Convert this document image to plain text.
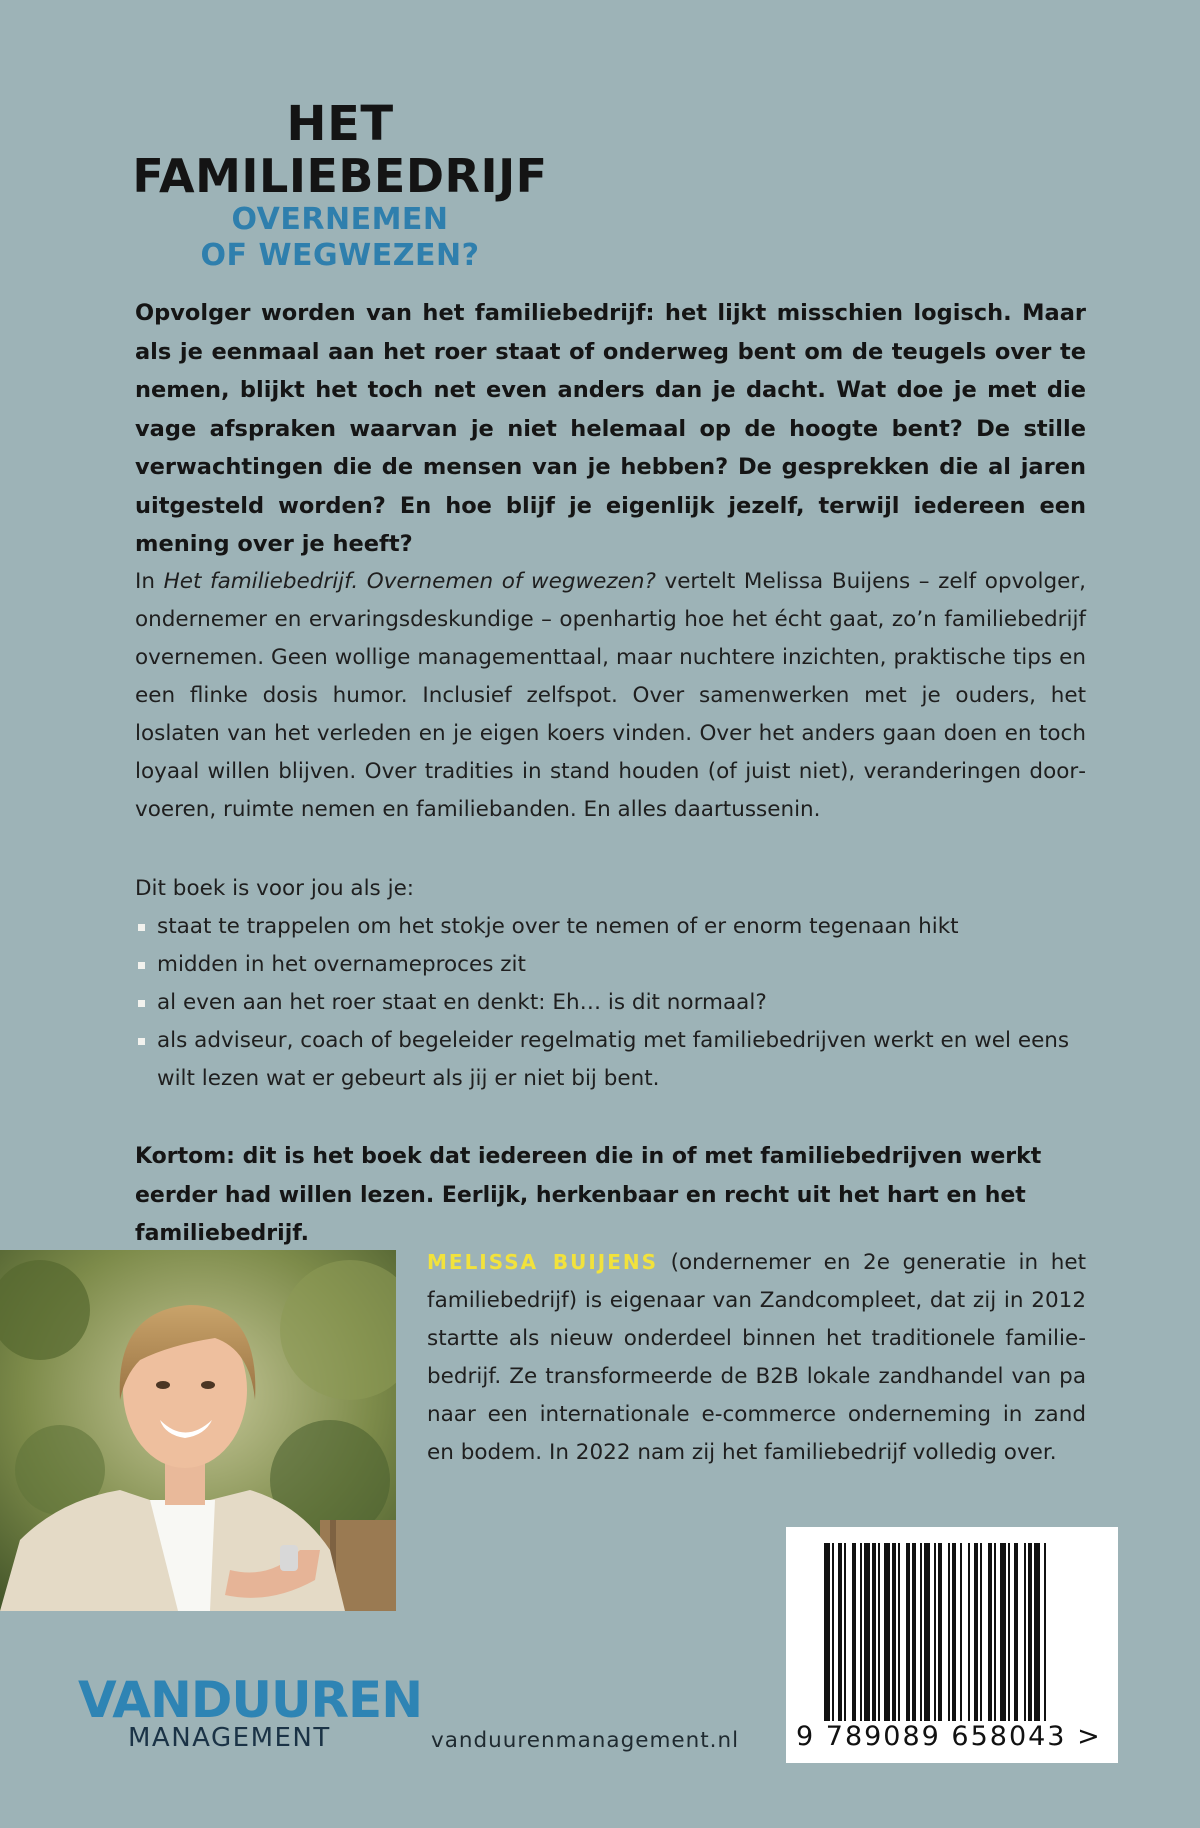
HET
FAMILIEBEDRIJF
OVERNEMEN
OF WEGWEZEN?

Opvolger worden van het familiebedrijf: het lijkt misschien logisch. Maar als je eenmaal aan het roer staat of onderweg bent om de teugels over te nemen, blijkt het toch net even anders dan je dacht. Wat doe je met die vage afspraken waarvan je niet helemaal op de hoogte bent? De stille verwachtingen die de mensen van je hebben? De gesprekken die al jaren uitgesteld worden? En hoe blijf je eigenlijk jezelf, terwijl iedereen een mening over je heeft?

In Het familiebedrijf. Overnemen of wegwezen? vertelt Melissa Buijens – zelf opvolger, ondernemer en ervaringsdeskundige – openhartig hoe het écht gaat, zo’n familiebedrijf overnemen. Geen wollige managementtaal, maar nuchtere inzichten, praktische tips en een flinke dosis humor. Inclusief zelfspot. Over samenwerken met je ouders, het loslaten van het verleden en je eigen koers vinden. Over het anders gaan doen en toch loyaal willen blijven. Over tradities in stand houden (of juist niet), veranderingen doorvoeren, ruimte nemen en familiebanden. En alles daartussenin.

Dit boek is voor jou als je:

staat te trappelen om het stokje over te nemen of er enorm tegenaan hikt
midden in het overnameproces zit
al even aan het roer staat en denkt: Eh… is dit normaal?
als adviseur, coach of begeleider regelmatig met familiebedrijven werkt en wel eens wilt lezen wat er gebeurt als jij er niet bij bent.

Kortom: dit is het boek dat iedereen die in of met familiebedrijven werkt eerder had willen lezen. Eerlijk, herkenbaar en recht uit het hart en het familiebedrijf.

MELISSA BUIJENS (ondernemer en 2e generatie in het familiebedrijf) is eigenaar van Zandcompleet, dat zij in 2012 startte als nieuw onderdeel binnen het traditionele familiebedrijf. Ze transformeerde de B2B lokale zandhandel van pa naar een internationale e-commerce onderneming in zand en bodem. In 2022 nam zij het familiebedrijf volledig over.

9 789089 658043 >
VANDUUREN
MANAGEMENT	vanduurenmanagement.nl
